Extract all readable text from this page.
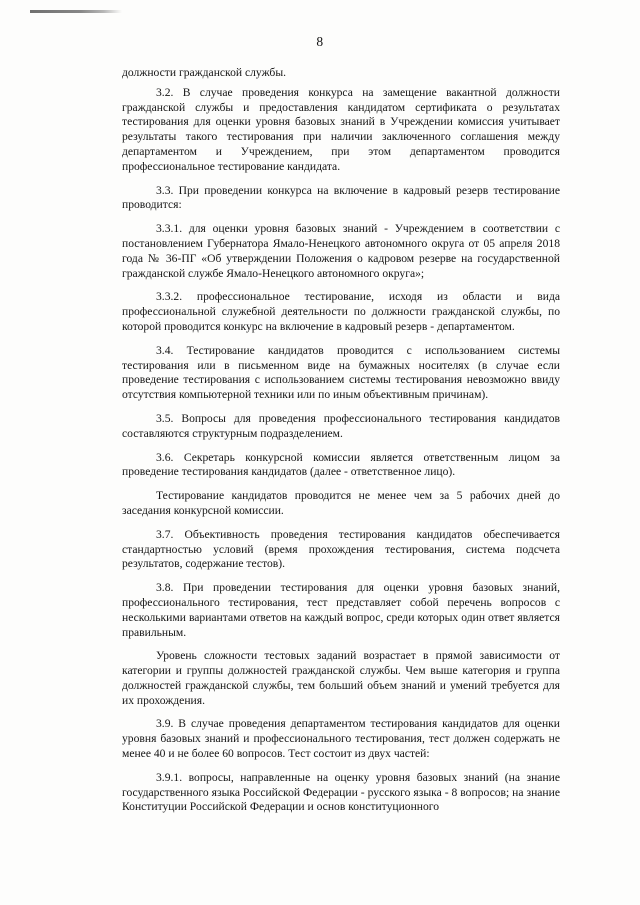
8

должности гражданской службы.

3.2. В случае проведения конкурса на замещение вакантной должности гражданской службы и предоставления кандидатом сертификата о результатах тестирования для оценки уровня базовых знаний в Учреждении комиссия учитывает результаты такого тестирования при наличии заключенного соглашения между департаментом и Учреждением, при этом департаментом проводится профессиональное тестирование кандидата.

3.3. При проведении конкурса на включение в кадровый резерв тестирование проводится:

3.3.1. для оценки уровня базовых знаний - Учреждением в соответствии с постановлением Губернатора Ямало-Ненецкого автономного округа от 05 апреля 2018 года № 36-ПГ «Об утверждении Положения о кадровом резерве на государственной гражданской службе Ямало-Ненецкого автономного округа»;

3.3.2. профессиональное тестирование, исходя из области и вида профессиональной служебной деятельности по должности гражданской службы, по которой проводится конкурс на включение в кадровый резерв - департаментом.

3.4. Тестирование кандидатов проводится с использованием системы тестирования или в письменном виде на бумажных носителях (в случае если проведение тестирования с использованием системы тестирования невозможно ввиду отсутствия компьютерной техники или по иным объективным причинам).

3.5. Вопросы для проведения профессионального тестирования кандидатов составляются структурным подразделением.

3.6. Секретарь конкурсной комиссии является ответственным лицом за проведение тестирования кандидатов (далее - ответственное лицо).

Тестирование кандидатов проводится не менее чем за 5 рабочих дней до заседания конкурсной комиссии.

3.7. Объективность проведения тестирования кандидатов обеспечивается стандартностью условий (время прохождения тестирования, система подсчета результатов, содержание тестов).

3.8. При проведении тестирования для оценки уровня базовых знаний, профессионального тестирования, тест представляет собой перечень вопросов с несколькими вариантами ответов на каждый вопрос, среди которых один ответ является правильным.

Уровень сложности тестовых заданий возрастает в прямой зависимости от категории и группы должностей гражданской службы. Чем выше категория и группа должностей гражданской службы, тем больший объем знаний и умений требуется для их прохождения.

3.9. В случае проведения департаментом тестирования кандидатов для оценки уровня базовых знаний и профессионального тестирования, тест должен содержать не менее 40 и не более 60 вопросов. Тест состоит из двух частей:

3.9.1. вопросы, направленные на оценку уровня базовых знаний (на знание государственного языка Российской Федерации - русского языка - 8 вопросов; на знание Конституции Российской Федерации и основ конституционного
